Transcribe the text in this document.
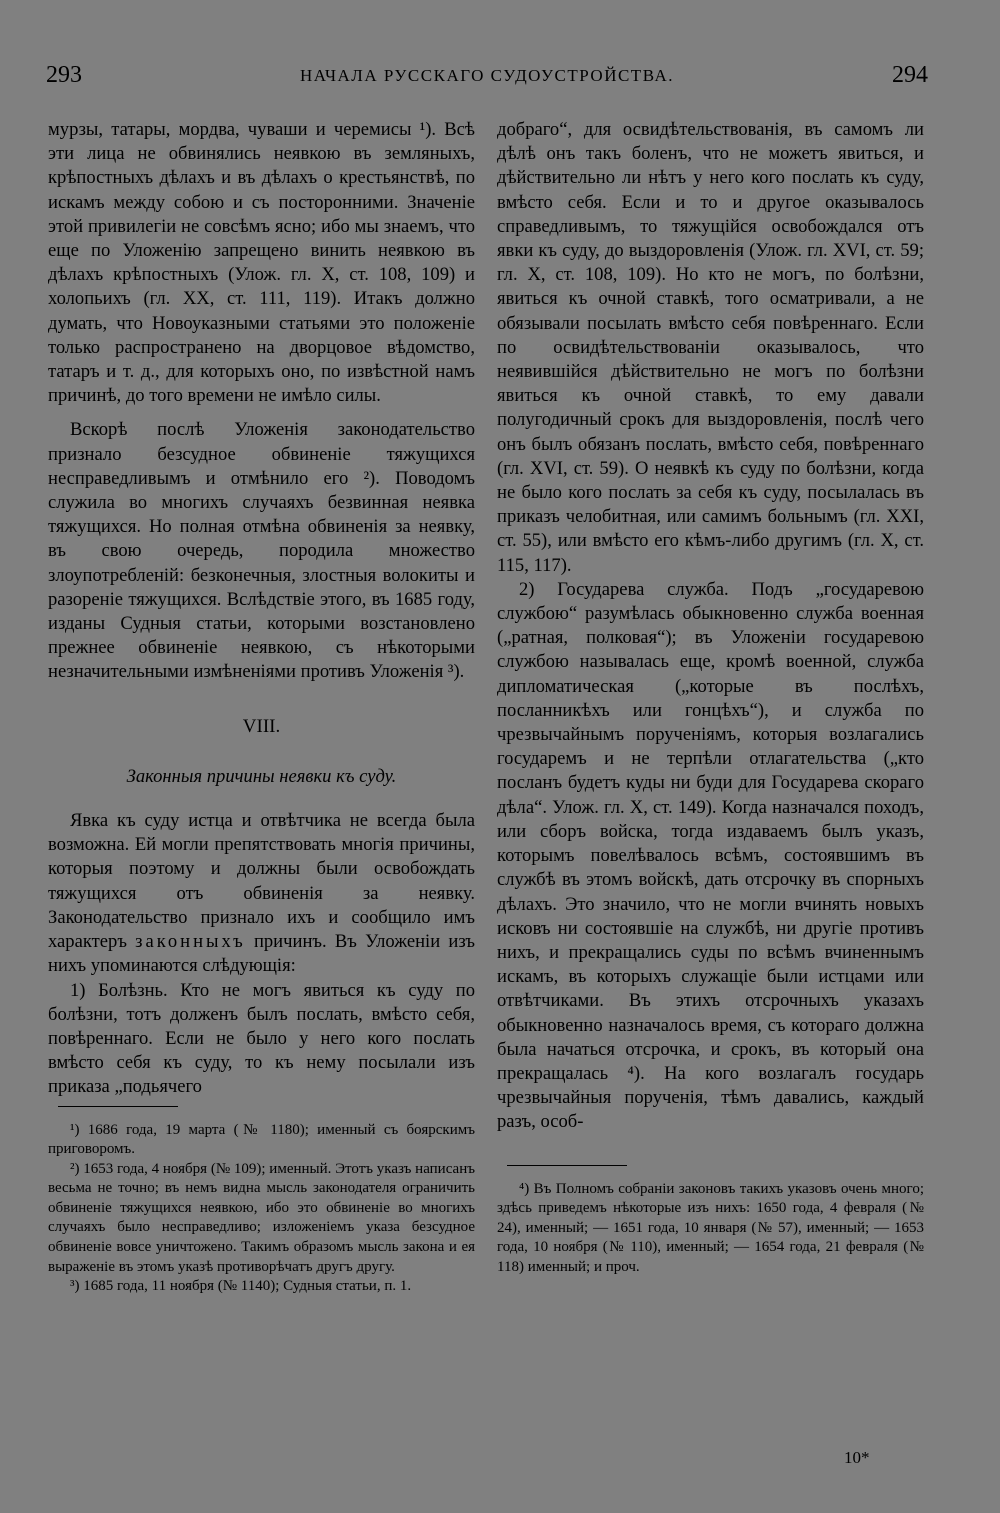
293	НАЧАЛА РУССКАГО СУДОУСТРОЙСТВА.	294

мурзы, татары, мордва, чуваши и черемисы ¹). Всѣ эти лица не обвинялись неявкою въ земляныхъ, крѣпостныхъ дѣлахъ и въ дѣлахъ о крестьянствѣ, по искамъ между собою и съ посторонними. Значеніе этой привилегіи не совсѣмъ ясно; ибо мы знаемъ, что еще по Уложенію запрещено винить неявкою въ дѣлахъ крѣпостныхъ (Улож. гл. X, ст. 108, 109) и холопьихъ (гл. XX, ст. 111, 119). Итакъ должно думать, что Новоуказными статьями это положеніе только распространено на дворцовое вѣдомство, татаръ и т. д., для которыхъ оно, по извѣстной намъ причинѣ, до того времени не имѣло силы.

Вскорѣ послѣ Уложенія законодательство признало безсудное обвиненіе тяжущихся несправедливымъ и отмѣнило его ²). Поводомъ служила во многихъ случаяхъ безвинная неявка тяжущихся. Но полная отмѣна обвиненія за неявку, въ свою очередь, породила множество злоупотребленій: безконечныя, злостныя волокиты и разореніе тяжущихся. Вслѣдствіе этого, въ 1685 году, изданы Судныя статьи, которыми возстановлено прежнее обвиненіе неявкою, съ нѣкоторыми незначительными измѣненіями противъ Уложенія ³).

VIII.

Законныя причины неявки къ суду.

Явка къ суду истца и отвѣтчика не всегда была возможна. Ей могли препятствовать многія причины, которыя поэтому и должны были освобождать тяжущихся отъ обвиненія за неявку. Законодательство признало ихъ и сообщило имъ характеръ законныхъ причинъ. Въ Уложеніи изъ нихъ упоминаются слѣдующія:

1) Болѣзнь. Кто не могъ явиться къ суду по болѣзни, тотъ долженъ былъ послать, вмѣсто себя, повѣреннаго. Если не было у него кого послать вмѣсто себя къ суду, то къ нему посылали изъ приказа „подьячего

¹) 1686 года, 19 марта (№ 1180); именный съ боярскимъ приговоромъ.

²) 1653 года, 4 ноября (№ 109); именный. Этотъ указъ написанъ весьма не точно; въ немъ видна мысль законодателя ограничить обвиненіе тяжущихся неявкою, ибо это обвиненіе во многихъ случаяхъ было несправедливо; изложеніемъ указа безсудное обвиненіе вовсе уничтожено. Такимъ образомъ мысль закона и ея выраженіе въ этомъ указѣ противорѣчатъ другъ другу.

³) 1685 года, 11 ноября (№ 1140); Судныя статьи, п. 1.

добраго“, для освидѣтельствованія, въ самомъ ли дѣлѣ онъ такъ боленъ, что не можетъ явиться, и дѣйствительно ли нѣтъ у него кого послать къ суду, вмѣсто себя. Если и то и другое оказывалось справедливымъ, то тяжущійся освобождался отъ явки къ суду, до выздоровленія (Улож. гл. XVI, ст. 59; гл. X, ст. 108, 109). Но кто не могъ, по болѣзни, явиться къ очной ставкѣ, того осматривали, а не обязывали посылать вмѣсто себя повѣреннаго. Если по освидѣтельствованіи оказывалось, что неявившійся дѣйствительно не могъ по болѣзни явиться къ очной ставкѣ, то ему давали полугодичный срокъ для выздоровленія, послѣ чего онъ былъ обязанъ послать, вмѣсто себя, повѣреннаго (гл. XVI, ст. 59). О неявкѣ къ суду по болѣзни, когда не было кого послать за себя къ суду, посылалась въ приказъ челобитная, или самимъ больнымъ (гл. XXI, ст. 55), или вмѣсто его кѣмъ-либо другимъ (гл. X, ст. 115, 117).

2) Государева служба. Подъ „государевою службою“ разумѣлась обыкновенно служба военная („ратная, полковая“); въ Уложеніи государевою службою называлась еще, кромѣ военной, служба дипломатическая („которые въ послѣхъ, посланникѣхъ или гонцѣхъ“), и служба по чрезвычайнымъ порученіямъ, которыя возлагались государемъ и не терпѣли отлагательства („кто посланъ будетъ куды ни буди для Государева скораго дѣла“. Улож. гл. X, ст. 149). Когда назначался походъ, или сборъ войска, тогда издаваемъ былъ указъ, которымъ повелѣвалось всѣмъ, состоявшимъ въ службѣ въ этомъ войскѣ, дать отсрочку въ спорныхъ дѣлахъ. Это значило, что не могли вчинять новыхъ исковъ ни состоявшіе на службѣ, ни другіе противъ нихъ, и прекращались суды по всѣмъ вчиненнымъ искамъ, въ которыхъ служащіе были истцами или отвѣтчиками. Въ этихъ отсрочныхъ указахъ обыкновенно назначалось время, съ котораго должна была начаться отсрочка, и срокъ, въ который она прекращалась ⁴). На кого возлагалъ государь чрезвычайныя порученія, тѣмъ давались, каждый разъ, особ-

⁴) Въ Полномъ собраніи законовъ такихъ указовъ очень много; здѣсь приведемъ нѣкоторые изъ нихъ: 1650 года, 4 февраля (№ 24), именный; — 1651 года, 10 января (№ 57), именный; — 1653 года, 10 ноября (№ 110), именный; — 1654 года, 21 февраля (№ 118) именный; и проч.

10*
